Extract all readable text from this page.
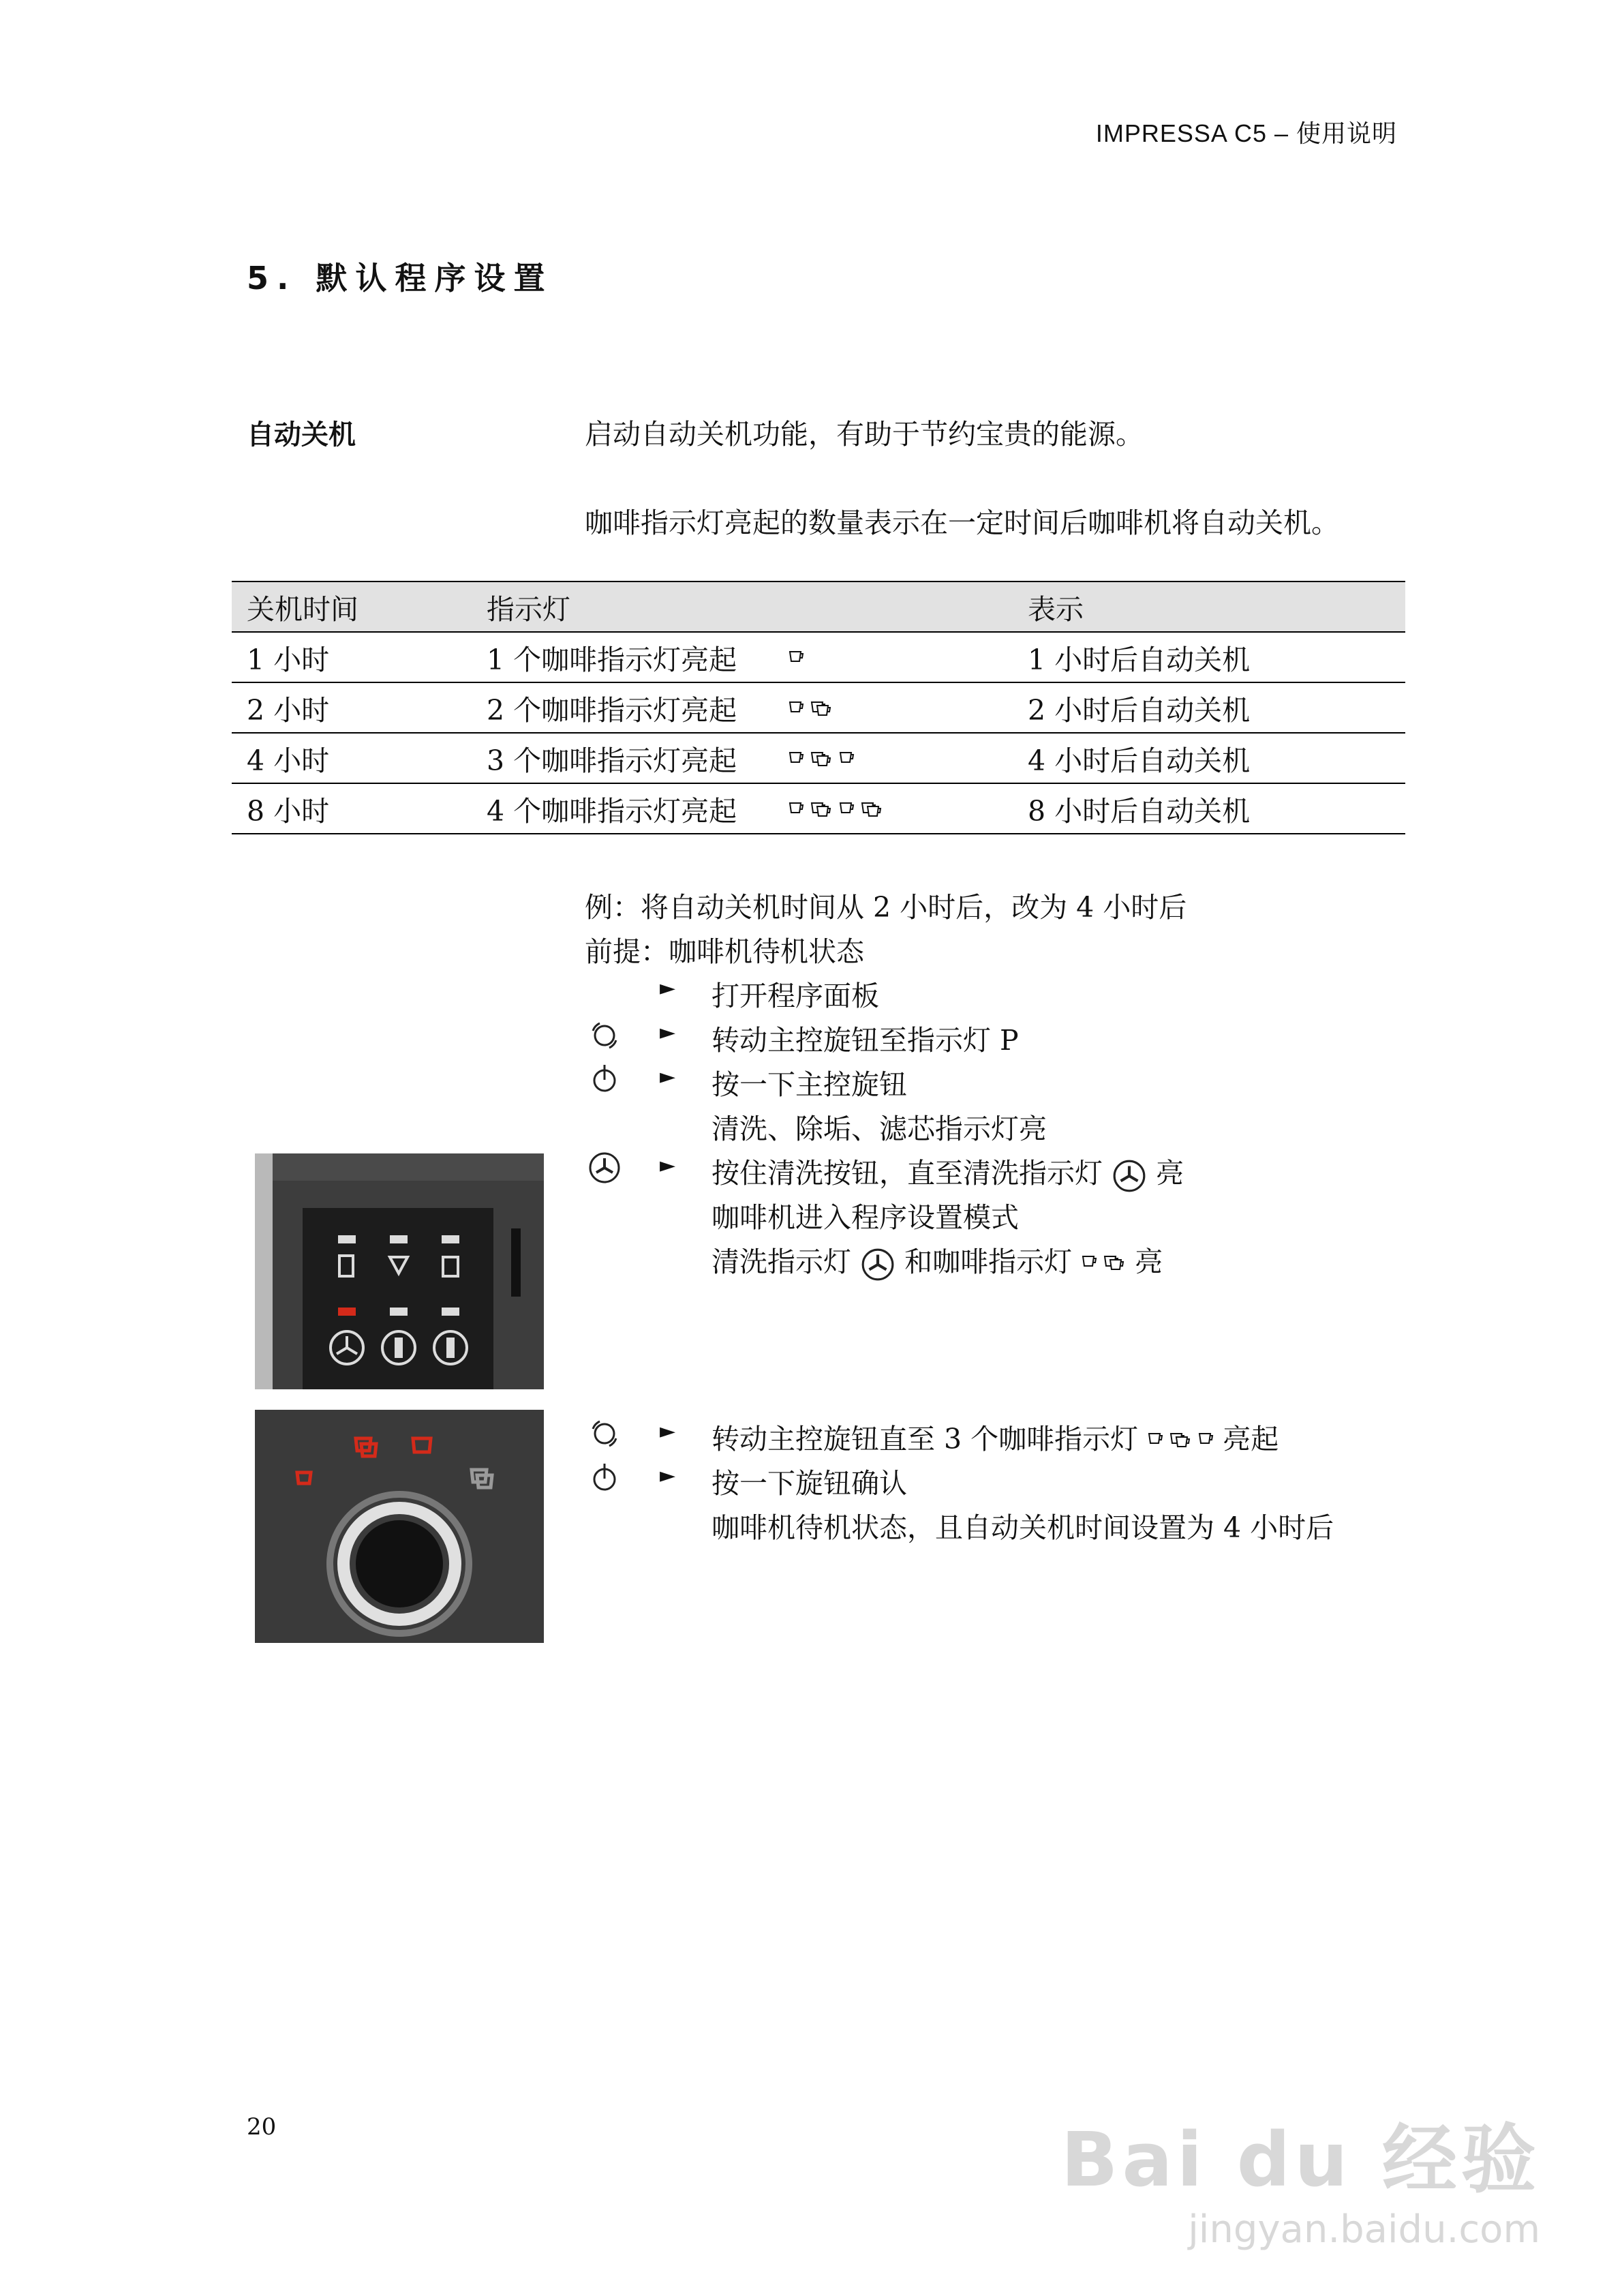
IMPRESSA C5 – 使用说明
5. 默认程序设置
自动关机	启动自动关机功能，有助于节约宝贵的能源。
咖啡指示灯亮起的数量表示在一定时间后咖啡机将自动关机。
关机时间	指示灯		表示
1 小时	1 个咖啡指示灯亮起		1 小时后自动关机
2 小时	2 个咖啡指示灯亮起		2 小时后自动关机
4 小时	3 个咖啡指示灯亮起		4 小时后自动关机
8 小时	4 个咖啡指示灯亮起		8 小时后自动关机
例：将自动关机时间从 2 小时后，改为 4 小时后
前提：咖啡机待机状态
► 打开程序面板
► 转动主控旋钮至指示灯 P
► 按一下主控旋钮
清洗、除垢、滤芯指示灯亮
► 按住清洗按钮，直至清洗指示灯 亮
咖啡机进入程序设置模式
清洗指示灯 和咖啡指示灯 亮
► 转动主控旋钮直至 3 个咖啡指示灯	亮起
► 按一下旋钮确认
咖啡机待机状态，且自动关机时间设置为 4 小时后
20	Bai du 经验
jingyan.baidu.com
